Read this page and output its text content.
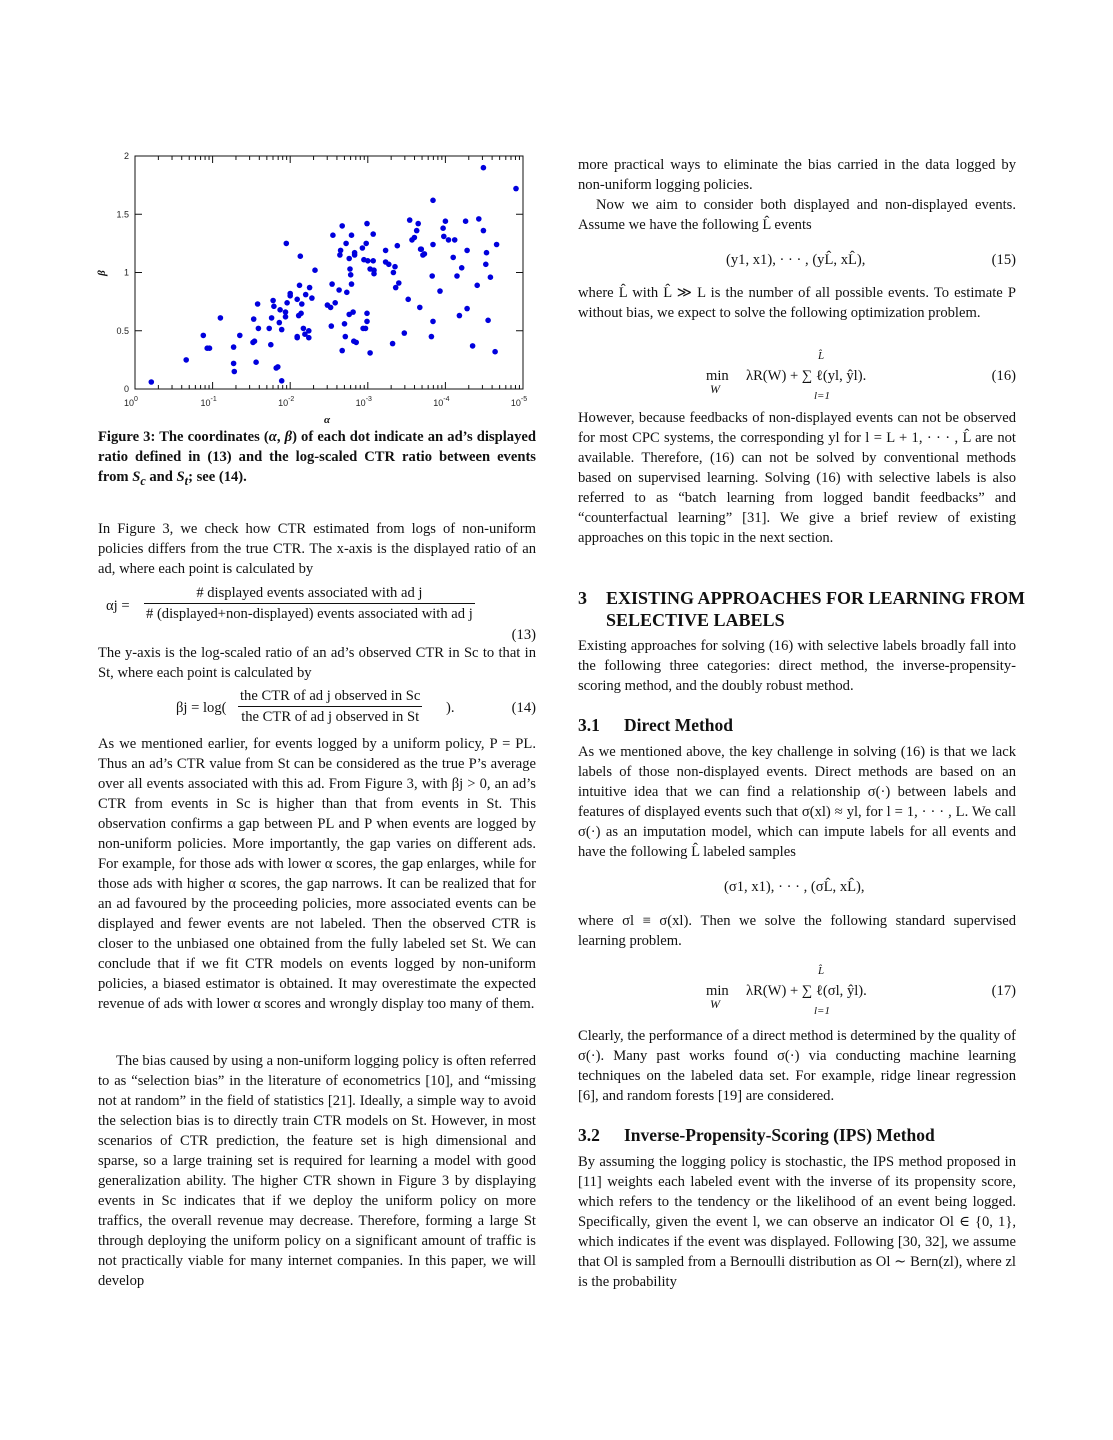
0
0.5
1
1.5
2
$10^0$	$10^{-1}$	$10^{-2}$	$10^{-3}$	$10^{-4}$	$10^{-5}$
α
β
Figure 3: The coordinates (α, β) of each dot indicate an ad’s displayed ratio defined in (13) and the log-scaled CTR ratio between events from $S_c$ and $S_t$; see (14).

In Figure 3, we check how CTR estimated from logs of non-uniform policies differs from the true CTR. The x-axis is the displayed ratio of an ad, where each point is calculated by

αj =
# displayed events associated with ad j
# (displayed+non-displayed) events associated with ad j
(13)

The y-axis is the log-scaled ratio of an ad’s observed CTR in Sc to that in St, where each point is calculated by

βj = log(
the CTR of ad j observed in Sc
the CTR of ad j observed in St
).	(14)

As we mentioned earlier, for events logged by a uniform policy, P = PL. Thus an ad’s CTR value from St can be considered as the true P’s average over all events associated with this ad. From Figure 3, with βj > 0, an ad’s CTR from events in Sc is higher than that from events in St. This observation confirms a gap between PL and P when events are logged by non-uniform policies. More importantly, the gap varies on different ads. For example, for those ads with lower α scores, the gap enlarges, while for those ads with higher α scores, the gap narrows. It can be realized that for an ad favoured by the proceeding policies, more associated events can be displayed and fewer events are not labeled. Then the observed CTR is closer to the unbiased one obtained from the fully labeled set St. We can conclude that if we fit CTR models on events logged by non-uniform policies, a biased estimator is obtained. It may overestimate the expected revenue of ads with lower α scores and wrongly display too many of them.

The bias caused by using a non-uniform logging policy is often referred to as “selection bias” in the literature of econometrics [10], and “missing not at random” in the field of statistics [21]. Ideally, a simple way to avoid the selection bias is to directly train CTR models on St. However, in most scenarios of CTR prediction, the feature set is high dimensional and sparse, so a large training set is required for learning a model with good generalization ability. The higher CTR shown in Figure 3 by displaying events in Sc indicates that if we deploy the uniform policy on more traffics, the overall revenue may decrease. Therefore, forming a large St through deploying the uniform policy on a significant amount of traffic is not practically viable for many internet companies. In this paper, we will develop

more practical ways to eliminate the bias carried in the data logged by non-uniform logging policies.

Now we aim to consider both displayed and non-displayed events. Assume we have the following L̂ events

(y1, x1), · · · , (yL̂, xL̂),	(15)

where L̂ with L̂ ≫ L is the number of all possible events. To estimate P without bias, we expect to solve the following optimization problem.

min
W
L̂
λR(W) + ∑ ℓ(yl, ŷl).
l=1
(16)

However, because feedbacks of non-displayed events can not be observed for most CPC systems, the corresponding yl for l = L + 1, · · · , L̂ are not available. Therefore, (16) can not be solved by conventional methods based on supervised learning. Solving (16) with selective labels is also referred to as “batch learning from logged bandit feedbacks” and “counterfactual learning” [31]. We give a brief review of existing approaches on this topic in the next section.

3 EXISTING APPROACHES FOR LEARNING FROM SELECTIVE LABELS

Existing approaches for solving (16) with selective labels broadly fall into the following three categories: direct method, the inverse-propensity-scoring method, and the doubly robust method.

3.1 Direct Method

As we mentioned above, the key challenge in solving (16) is that we lack labels of those non-displayed events. Direct methods are based on an intuitive idea that we can find a relationship σ(·) between labels and features of displayed events such that σ(xl) ≈ yl, for l = 1, · · · , L. We call σ(·) as an imputation model, which can impute labels for all events and have the following L̂ labeled samples

(σ1, x1), · · · , (σL̂, xL̂),

where σl ≡ σ(xl). Then we solve the following standard supervised learning problem.

min
W
L̂
λR(W) + ∑ ℓ(σl, ŷl).
l=1
(17)

Clearly, the performance of a direct method is determined by the quality of σ(·). Many past works found σ(·) via conducting machine learning techniques on the labeled data set. For example, ridge linear regression [6], and random forests [19] are considered.

3.2 Inverse-Propensity-Scoring (IPS) Method

By assuming the logging policy is stochastic, the IPS method proposed in [11] weights each labeled event with the inverse of its propensity score, which refers to the tendency or the likelihood of an event being logged. Specifically, given the event l, we can observe an indicator Ol ∈ {0, 1}, which indicates if the event was displayed. Following [30, 32], we assume that Ol is sampled from a Bernoulli distribution as Ol ∼ Bern(zl), where zl is the probability
